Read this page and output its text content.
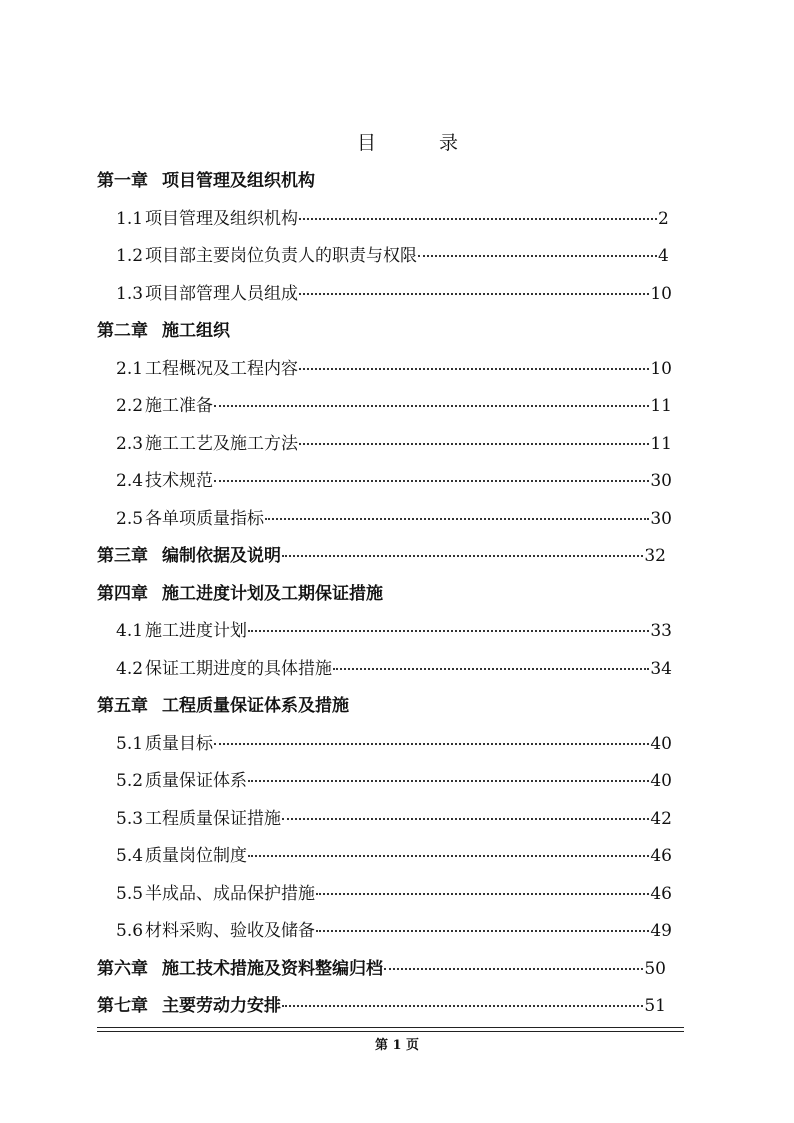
目	录
第一章 项目管理及组织机构
1.1 项目管理及组织机构	2
1.2 项目部主要岗位负责人的职责与权限	4
1.3 项目部管理人员组成	10
第二章 施工组织
2.1 工程概况及工程内容	10
2.2 施工准备	11
2.3 施工工艺及施工方法	11
2.4 技术规范	30
2.5 各单项质量指标	30
第三章 编制依据及说明	32
第四章 施工进度计划及工期保证措施
4.1 施工进度计划	33
4.2 保证工期进度的具体措施	34
第五章 工程质量保证体系及措施
5.1 质量目标	40
5.2 质量保证体系	40
5.3 工程质量保证措施	42
5.4 质量岗位制度	46
5.5 半成品、成品保护措施	46
5.6 材料采购、验收及储备	49
第六章 施工技术措施及资料整编归档	50
第七章 主要劳动力安排	51
第 1 页
